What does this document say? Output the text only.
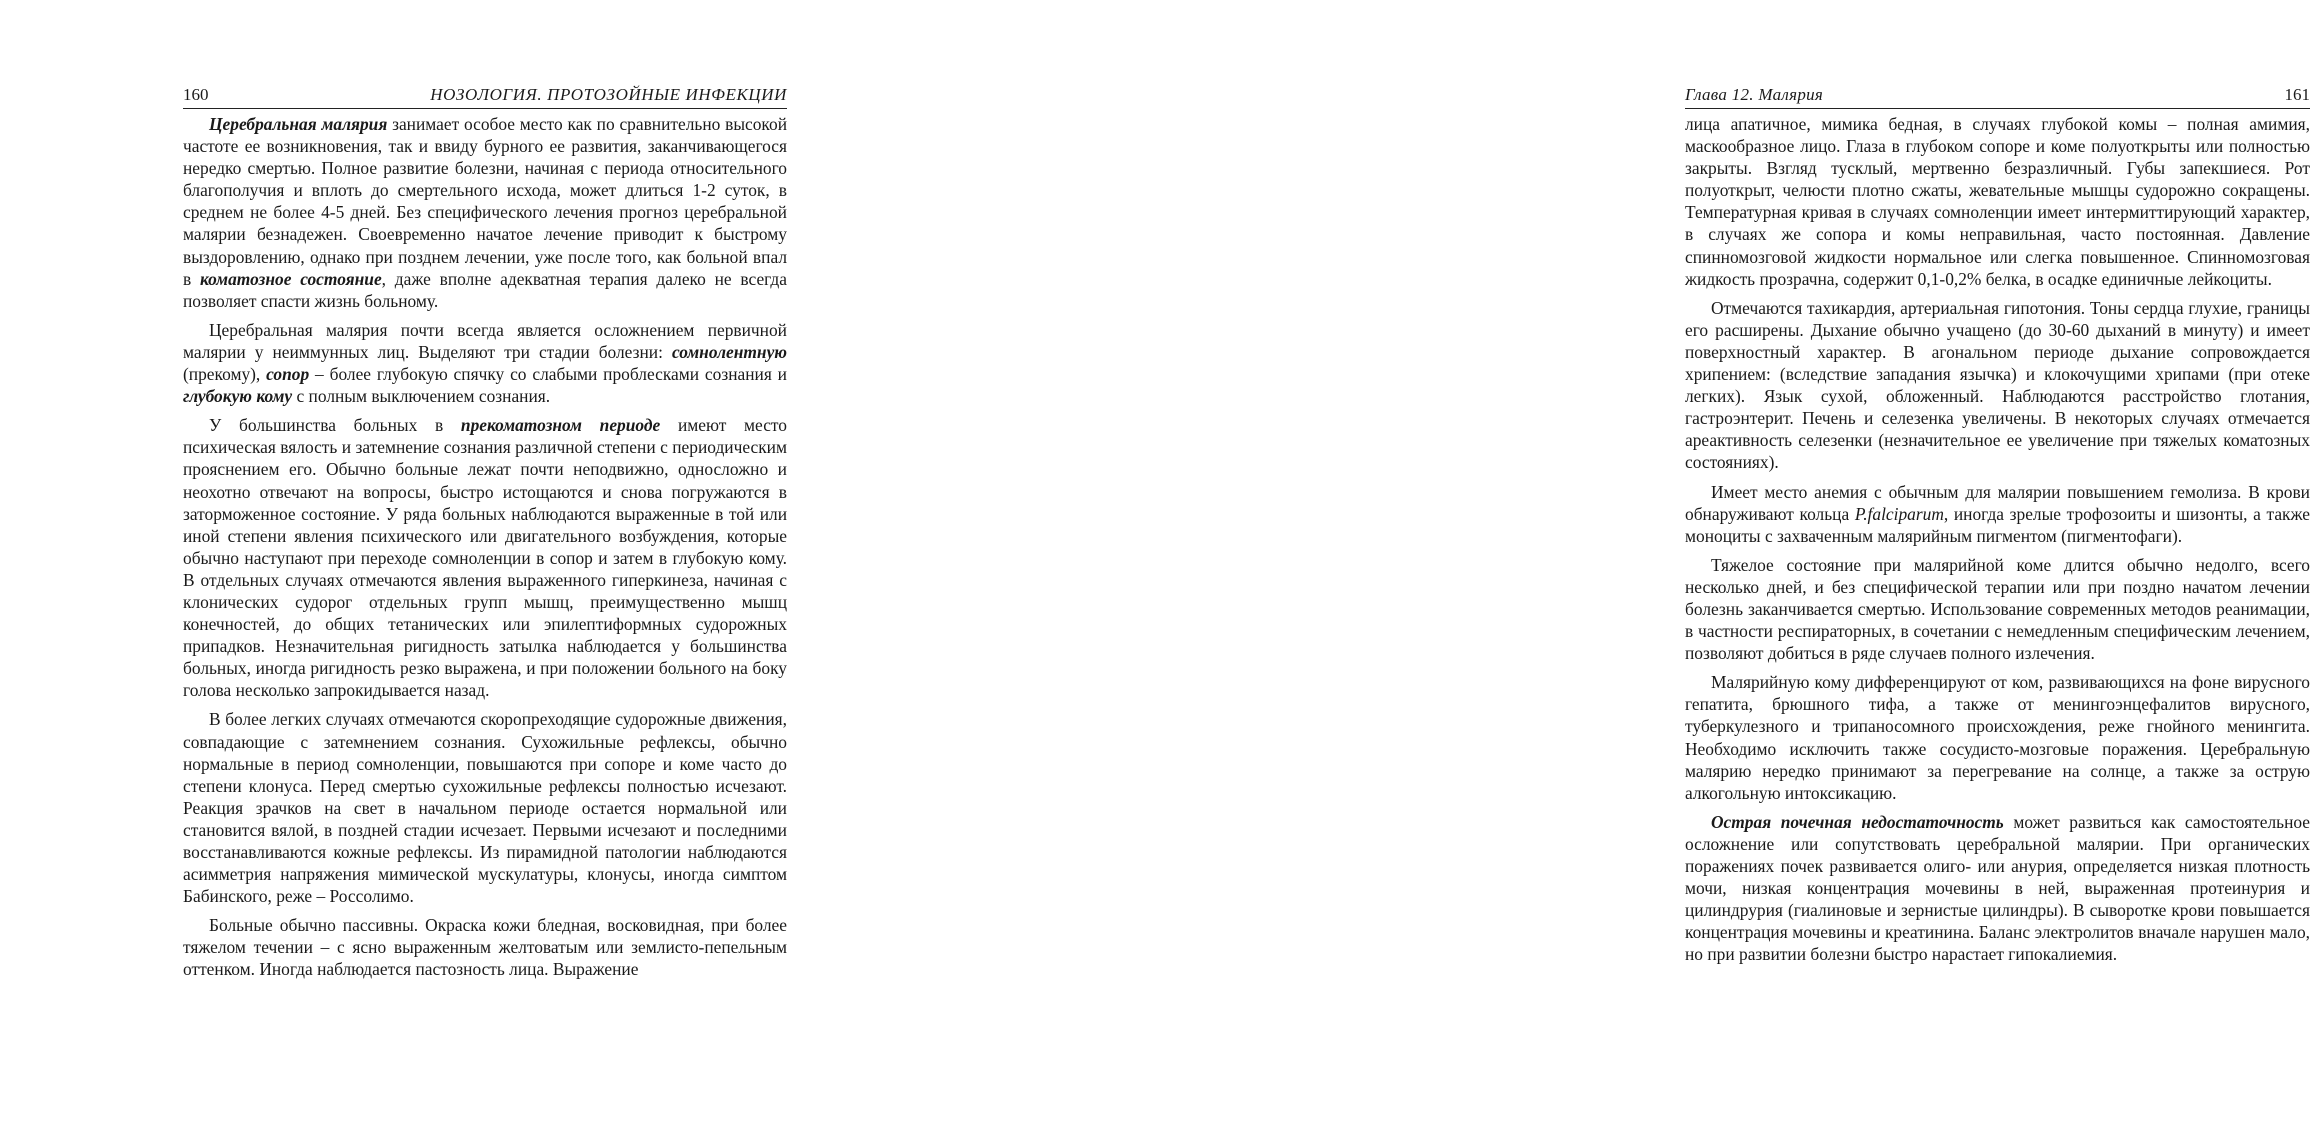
160	НОЗОЛОГИЯ. ПРОТОЗОЙНЫЕ ИНФЕКЦИИ

Церебральная малярия занимает особое место как по сравнительно высокой частоте ее возникновения, так и ввиду бурного ее развития, заканчивающегося нередко смертью. Полное развитие болезни, начиная с периода относительного благополучия и вплоть до смертельного исхода, может длиться 1-2 суток, в среднем не более 4-5 дней. Без специфического лечения прогноз церебральной малярии безнадежен. Своевременно начатое лечение приводит к быстрому выздоровлению, однако при позднем лечении, уже после того, как больной впал в коматозное состояние, даже вполне адекватная терапия далеко не всегда позволяет спасти жизнь больному.

Церебральная малярия почти всегда является осложнением первичной малярии у неиммунных лиц. Выделяют три стадии болезни: сомнолентную (прекому), сопор – более глубокую спячку со слабыми проблесками сознания и глубокую кому с полным выключением сознания.

У большинства больных в прекоматозном периоде имеют место психическая вялость и затемнение сознания различной степени с периодическим прояснением его. Обычно больные лежат почти неподвижно, односложно и неохотно отвечают на вопросы, быстро истощаются и снова погружаются в заторможенное состояние. У ряда больных наблюдаются выраженные в той или иной степени явления психического или двигательного возбуждения, которые обычно наступают при переходе сомноленции в сопор и затем в глубокую кому. В отдельных случаях отмечаются явления выраженного гиперкинеза, начиная с клонических судорог отдельных групп мышц, преимущественно мышц конечностей, до общих тетанических или эпилептиформных судорожных припадков. Незначительная ригидность затылка наблюдается у большинства больных, иногда ригидность резко выражена, и при положении больного на боку голова несколько запрокидывается назад.

В более легких случаях отмечаются скоропреходящие судорожные движения, совпадающие с затемнением сознания. Сухожильные рефлексы, обычно нормальные в период сомноленции, повышаются при сопоре и коме часто до степени клонуса. Перед смертью сухожильные рефлексы полностью исчезают. Реакция зрачков на свет в начальном периоде остается нормальной или становится вялой, в поздней стадии исчезает. Первыми исчезают и последними восстанавливаются кожные рефлексы. Из пирамидной патологии наблюдаются асимметрия напряжения мимической мускулатуры, клонусы, иногда симптом Бабинского, реже – Россолимо.

Больные обычно пассивны. Окраска кожи бледная, восковидная, при более тяжелом течении – с ясно выраженным желтоватым или землисто-пепельным оттенком. Иногда наблюдается пастозность лица. Выражение

Глава 12. Малярия	161

лица апатичное, мимика бедная, в случаях глубокой комы – полная амимия, маскообразное лицо. Глаза в глубоком сопоре и коме полуоткрыты или полностью закрыты. Взгляд тусклый, мертвенно безразличный. Губы запекшиеся. Рот полуоткрыт, челюсти плотно сжаты, жевательные мышцы судорожно сокращены. Температурная кривая в случаях сомноленции имеет интермиттирующий характер, в случаях же сопора и комы неправильная, часто постоянная. Давление спинномозговой жидкости нормальное или слегка повышенное. Спинномозговая жидкость прозрачна, содержит 0,1-0,2% белка, в осадке единичные лейкоциты.

Отмечаются тахикардия, артериальная гипотония. Тоны сердца глухие, границы его расширены. Дыхание обычно учащено (до 30-60 дыханий в минуту) и имеет поверхностный характер. В агональном периоде дыхание сопровождается хрипением: (вследствие западания язычка) и клокочущими хрипами (при отеке легких). Язык сухой, обложенный. Наблюдаются расстройство глотания, гастроэнтерит. Печень и селезенка увеличены. В некоторых случаях отмечается ареактивность селезенки (незначительное ее увеличение при тяжелых коматозных состояниях).

Имеет место анемия с обычным для малярии повышением гемолиза. В крови обнаруживают кольца P.falciparum, иногда зрелые трофозоиты и шизонты, а также моноциты с захваченным малярийным пигментом (пигментофаги).

Тяжелое состояние при малярийной коме длится обычно недолго, всего несколько дней, и без специфической терапии или при поздно начатом лечении болезнь заканчивается смертью. Использование современных методов реанимации, в частности респираторных, в сочетании с немедленным специфическим лечением, позволяют добиться в ряде случаев полного излечения.

Малярийную кому дифференцируют от ком, развивающихся на фоне вирусного гепатита, брюшного тифа, а также от менингоэнцефалитов вирусного, туберкулезного и трипаносомного происхождения, реже гнойного менингита. Необходимо исключить также сосудисто-мозговые поражения. Церебральную малярию нередко принимают за перегревание на солнце, а также за острую алкогольную интоксикацию.

Острая почечная недостаточность может развиться как самостоятельное осложнение или сопутствовать церебральной малярии. При органических поражениях почек развивается олиго- или анурия, определяется низкая плотность мочи, низкая концентрация мочевины в ней, выраженная протеинурия и цилиндрурия (гиалиновые и зернистые цилиндры). В сыворотке крови повышается концентрация мочевины и креатинина. Баланс электролитов вначале нарушен мало, но при развитии болезни быстро нарастает гипокалиемия.
